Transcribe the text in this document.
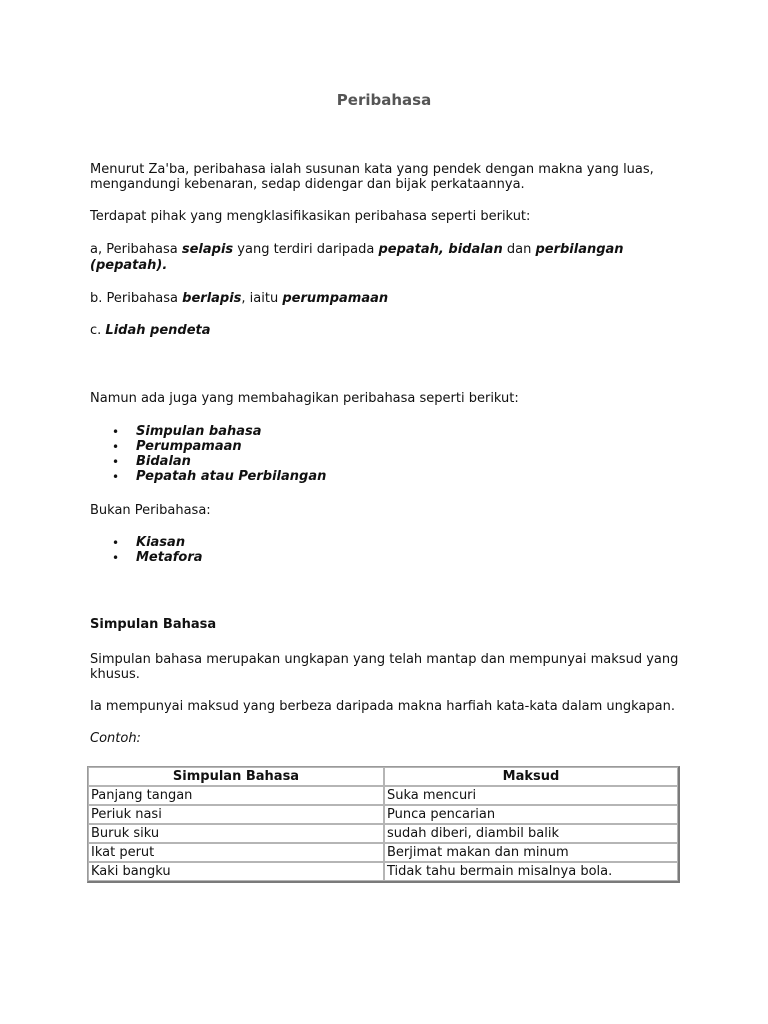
Peribahasa
Menurut Za'ba, peribahasa ialah susunan kata yang pendek dengan makna yang luas,
mengandungi kebenaran, sedap didengar dan bijak perkataannya.
Terdapat pihak yang mengklasifikasikan peribahasa seperti berikut:
a, Peribahasa selapis yang terdiri daripada pepatah, bidalan dan perbilangan
(pepatah).
b. Peribahasa berlapis, iaitu perumpamaan
c. Lidah pendeta
Namun ada juga yang membahagikan peribahasa seperti berikut:
• Simpulan bahasa
• Perumpamaan
• Bidalan
• Pepatah atau Perbilangan
Bukan Peribahasa:
• Kiasan
• Metafora
Simpulan Bahasa
Simpulan bahasa merupakan ungkapan yang telah mantap dan mempunyai maksud yang
khusus.
Ia mempunyai maksud yang berbeza daripada makna harfiah kata-kata dalam ungkapan.
Contoh:
Simpulan Bahasa	Maksud
Panjang tangan	Suka mencuri
Periuk nasi	Punca pencarian
Buruk siku	sudah diberi, diambil balik
Ikat perut	Berjimat makan dan minum
Kaki bangku	Tidak tahu bermain misalnya bola.
